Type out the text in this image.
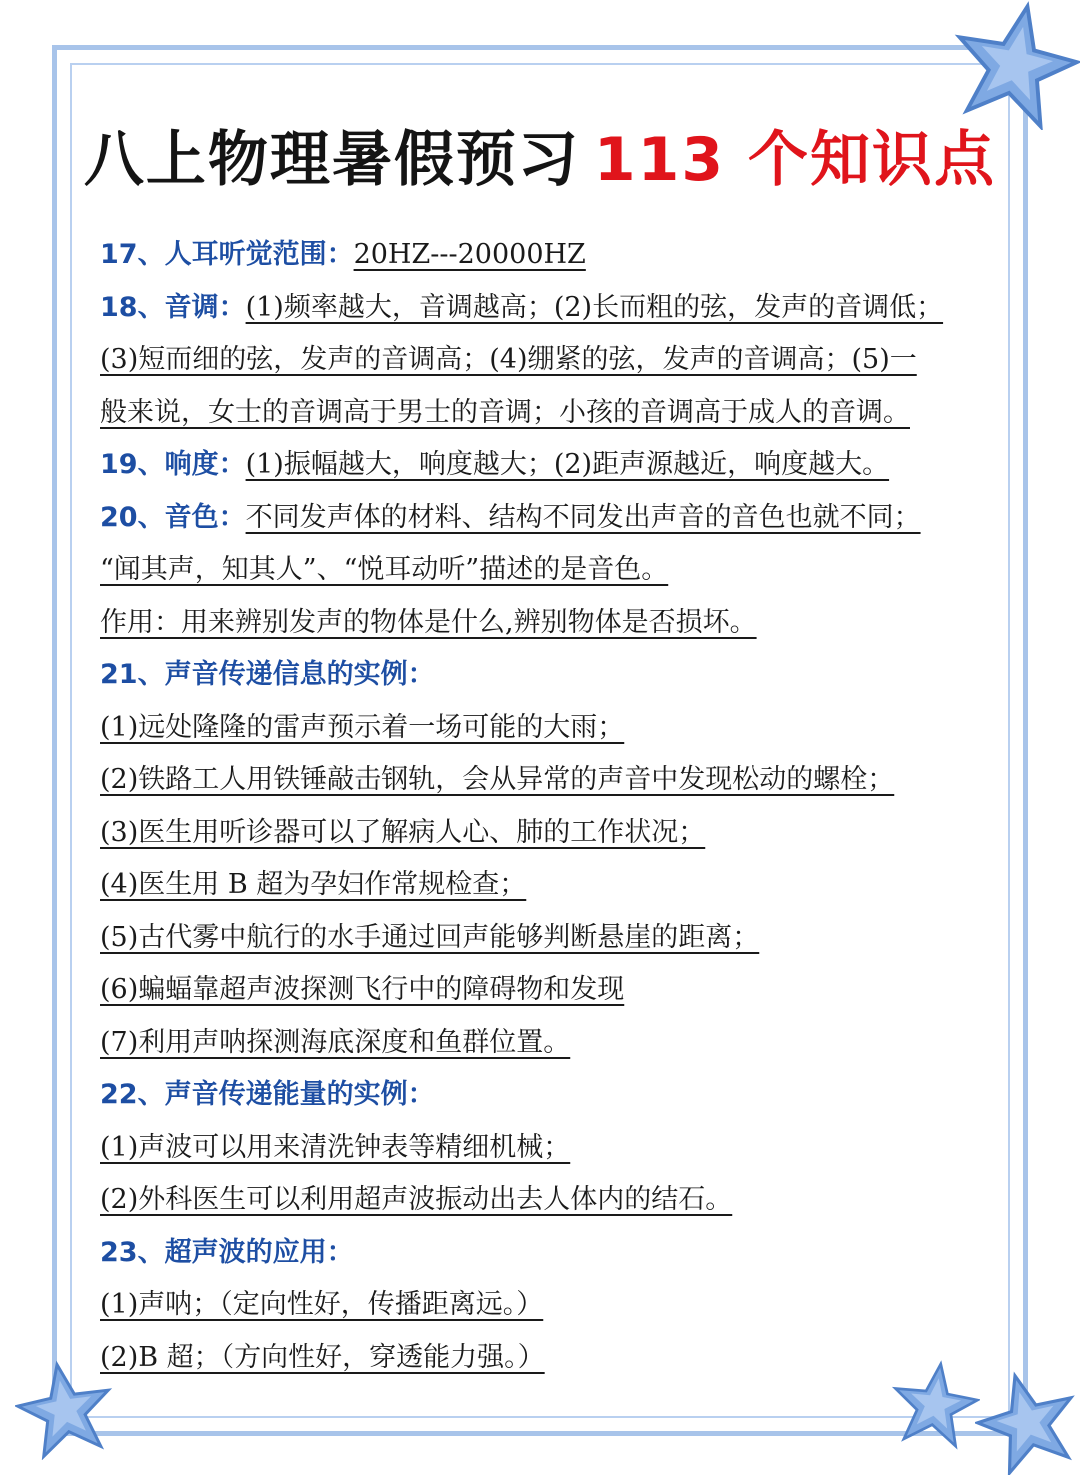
八上物理暑假预习 113 个知识点
17、人耳听觉范围：20HZ---20000HZ
18、音调：(1)频率越大，音调越高；(2)长而粗的弦，发声的音调低；
(3)短而细的弦，发声的音调高；(4)绷紧的弦，发声的音调高；(5)一
般来说，女士的音调高于男士的音调；小孩的音调高于成人的音调。
19、响度：(1)振幅越大，响度越大；(2)距声源越近，响度越大。
20、音色：不同发声体的材料、结构不同发出声音的音色也就不同；
“闻其声，知其人”、“悦耳动听”描述的是音色。
作用：用来辨别发声的物体是什么,辨别物体是否损坏。
21、声音传递信息的实例：
(1)远处隆隆的雷声预示着一场可能的大雨；
(2)铁路工人用铁锤敲击钢轨，会从异常的声音中发现松动的螺栓；
(3)医生用听诊器可以了解病人心、肺的工作状况；
(4)医生用 B 超为孕妇作常规检查；
(5)古代雾中航行的水手通过回声能够判断悬崖的距离；
(6)蝙蝠靠超声波探测飞行中的障碍物和发现
(7)利用声呐探测海底深度和鱼群位置。
22、声音传递能量的实例：
(1)声波可以用来清洗钟表等精细机械；
(2)外科医生可以利用超声波振动出去人体内的结石。
23、超声波的应用：
(1)声呐；（定向性好，传播距离远。）
(2)B 超；（方向性好，穿透能力强。）
